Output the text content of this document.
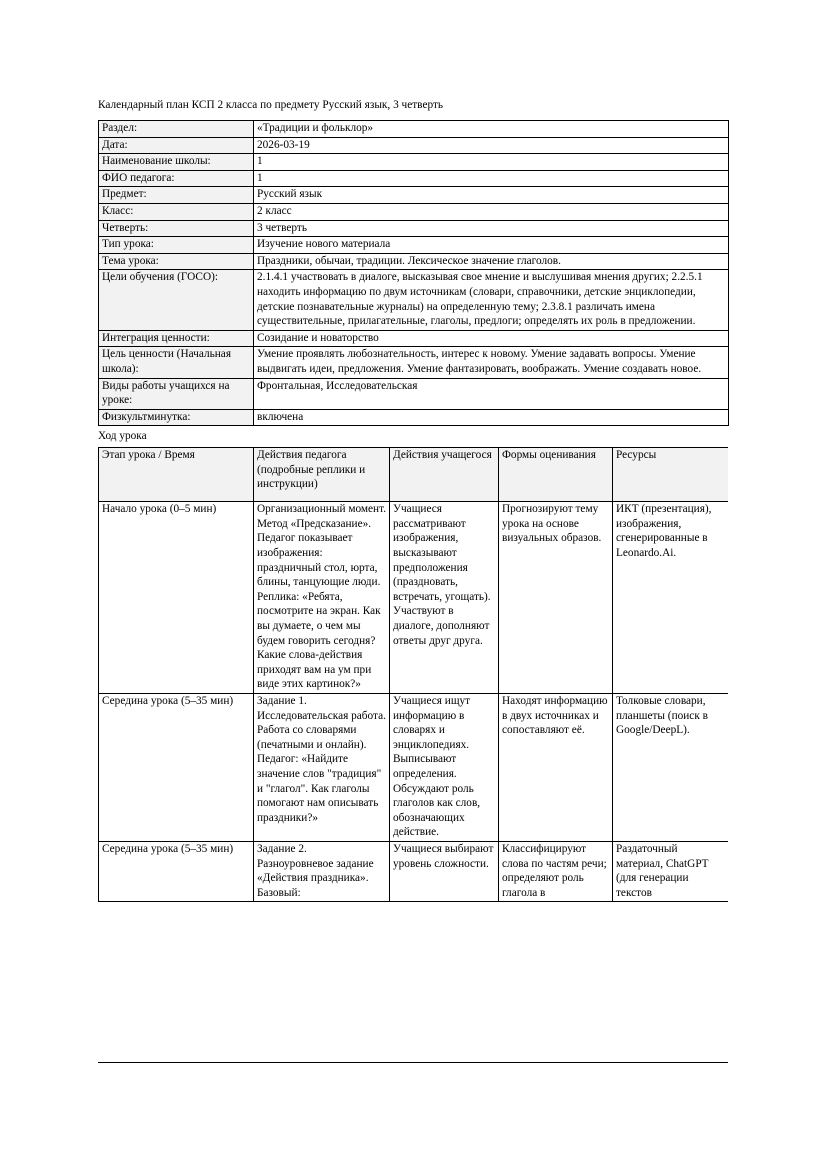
Календарный план КСП 2 класса по предмету Русский язык, 3 четверть

Раздел:	«Традиции и фольклор»
Дата:	2026-03-19
Наименование школы:	1
ФИО педагога:	1
Предмет:	Русский язык
Класс:	2 класс
Четверть:	3 четверть
Тип урока:	Изучение нового материала
Тема урока:	Праздники, обычаи, традиции. Лексическое значение глаголов.
Цели обучения (ГОСО):	2.1.4.1 участвовать в диалоге, высказывая свое мнение и выслушивая мнения других; 2.2.5.1 находить информацию по двум источникам (словари, справочники, детские энциклопедии, детские познавательные журналы) на определенную тему; 2.3.8.1 различать имена существительные, прилагательные, глаголы, предлоги; определять их роль в предложении.
Интеграция ценности:	Созидание и новаторство
Цель ценности (Начальная школа):	Умение проявлять любознательность, интерес к новому. Умение задавать вопросы. Умение выдвигать идеи, предложения. Умение фантазировать, воображать. Умение создавать новое.
Виды работы учащихся на уроке:	Фронтальная, Исследовательская
Физкультминутка:	включена

Ход урока

Этап урока / Время	Действия педагога (подробные реплики и инструкции)	Действия учащегося	Формы оценивания	Ресурсы
Начало урока (0–5 мин)	Организационный момент. Метод «Предсказание». Педагог показывает изображения: праздничный стол, юрта, блины, танцующие люди. Реплика: «Ребята, посмотрите на экран. Как вы думаете, о чем мы будем говорить сегодня? Какие слова-действия приходят вам на ум при виде этих картинок?»	Учащиеся рассматривают изображения, высказывают предположения (праздновать, встречать, угощать). Участвуют в диалоге, дополняют ответы друг друга.	Прогнозируют тему урока на основе визуальных образов.	ИКТ (презентация), изображения, сгенерированные в Leonardo.Ai.
Середина урока (5–35 мин)	Задание 1. Исследовательская работа. Работа со словарями (печатными и онлайн). Педагог: «Найдите значение слов "традиция" и "глагол". Как глаголы помогают нам описывать праздники?»	Учащиеся ищут информацию в словарях и энциклопедиях. Выписывают определения. Обсуждают роль глаголов как слов, обозначающих действие.	Находят информацию в двух источниках и сопоставляют её.	Толковые словари, планшеты (поиск в Google/DeepL).
Середина урока (5–35 мин)	Задание 2. Разноуровневое задание «Действия праздника». Базовый:	Учащиеся выбирают уровень сложности.	Классифицируют слова по частям речи; определяют роль глагола в	Раздаточный материал, ChatGPT (для генерации текстов
